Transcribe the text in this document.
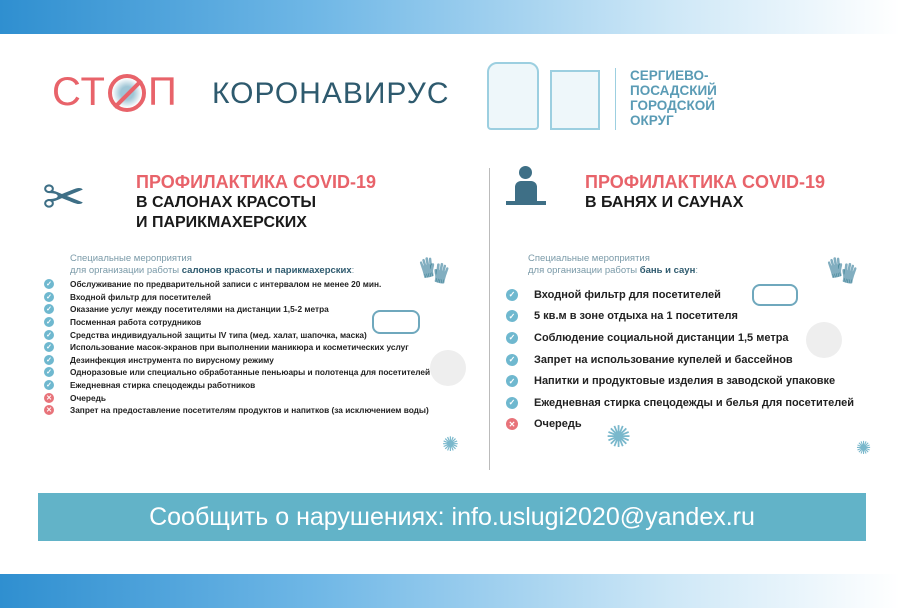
СТ П КОРОНАВИРУС
СЕРГИЕВО-
ПОСАДСКИЙ
ГОРОДСКОЙ
ОКРУГ
✂	ПРОФИЛАКТИКА COVID-19
В САЛОНАХ КРАСОТЫ
И ПАРИКМАХЕРСКИХ
Специальные мероприятия
для организации работы салонов красоты и парикмахерских:
✓ Обслуживание по предварительной записи с интервалом не менее 20 мин.
✓ Входной фильтр для посетителей
✓ Оказание услуг между посетителями на дистанции 1,5-2 метра
✓ Посменная работа сотрудников
✓ Средства индивидуальной защиты IV типа (мед. халат, шапочка, маска)
✓ Использование масок-экранов при выполнении маникюра и косметических услуг
✓ Дезинфекция инструмента по вирусному режиму
✓ Одноразовые или специально обработанные пеньюары и полотенца для посетителей
✓ Ежедневная стирка спецодежды работников
✕ Очередь
✕ Запрет на предоставление посетителям продуктов и напитков (за исключением воды)
🧤
✺
ПРОФИЛАКТИКА COVID-19
В БАНЯХ И САУНАХ
Специальные мероприятия
для организации работы бань и саун:
✓ Входной фильтр для посетителей
✓ 5 кв.м в зоне отдыха на 1 посетителя
✓ Соблюдение социальной дистанции 1,5 метра
✓ Запрет на использование купелей и бассейнов
✓ Напитки и продуктовые изделия в заводской упаковке
✓ Ежедневная стирка спецодежды и белья для посетителей
✕ Очередь
🧤
✺	✺
Сообщить о нарушениях: info.uslugi2020@yandex.ru
